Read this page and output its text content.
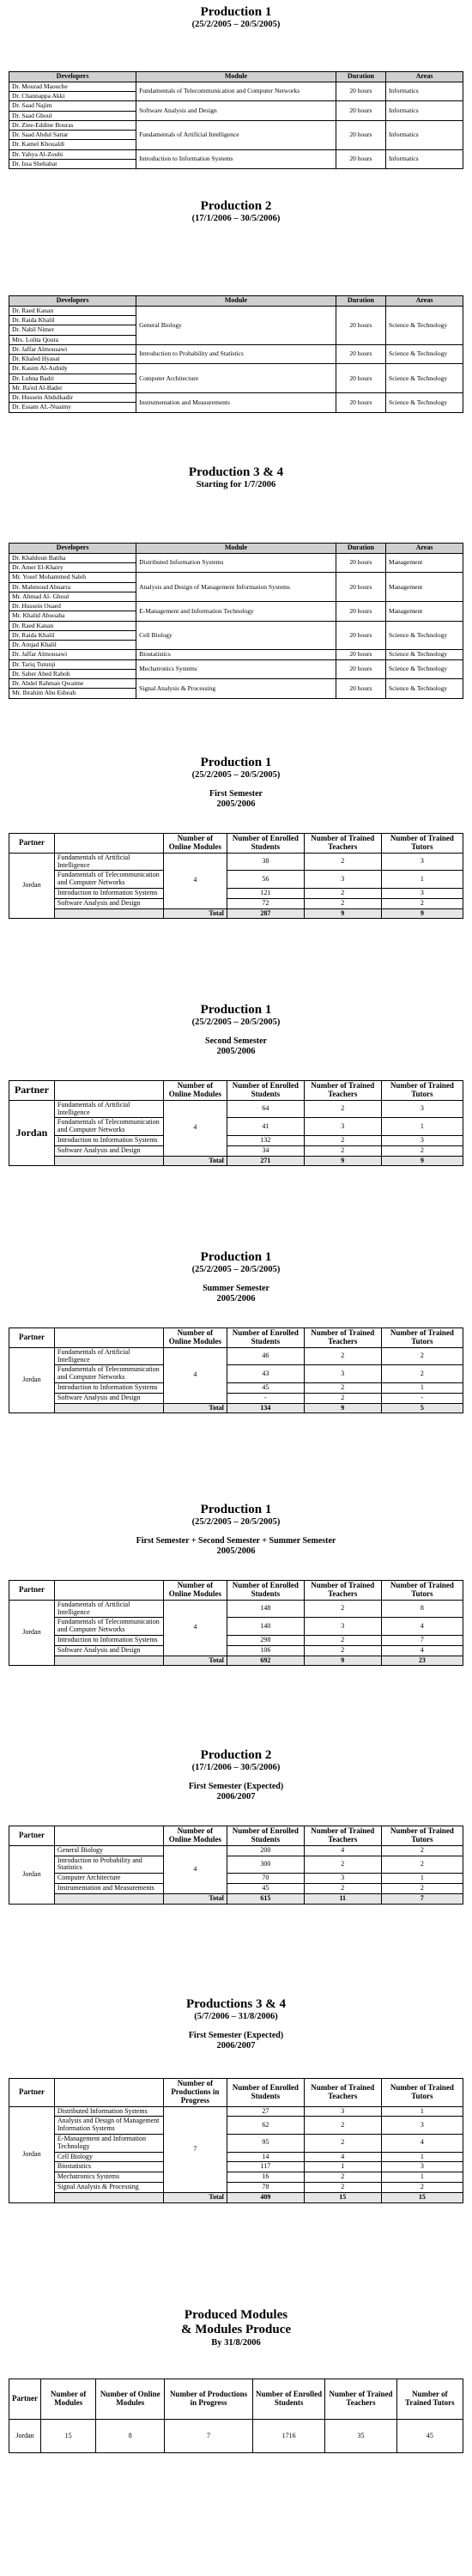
Production 1
(25/2/2005 – 20/5/2005)
Developers	Module	Duration	Areas
Dr. Mourad Maouche	Fundamentals of Telecommunication and Computer Networks	20 hours	Informatics
Dr. Channappa Akki			
Dr. Saad Najim	Software Analysis and Design	20 hours	Informatics
Dr. Saad Ghoul			
Dr. Ziee-Eddine Bouras	Fundamentals of Artificial Intelligence	20 hours	Informatics
Dr. Saad Abdul Sattar			
Dr. Kamel Khoualdi			
Dr. Yahya Al-Zoubi	Introduction to Information Systems	20 hours	Informatics
Dr. Issa Shehabat			
Production 2
(17/1/2006 – 30/5/2006)
Developers	Module	Duration	Areas
Dr. Raed Kanan	General Biology	20 hours	Science & Technology
Dr. Raida Khalil			
Dr. Nabil Nimer			
Mrs. Lolita Qouta			
Dr. Jaffar Almousawi	Introduction to Probability and Statistics	20 hours	Science & Technology
Dr. Khaled Hyasat			
Dr. Kasim Al-Aubidy	Computer Architecture	20 hours	Science & Technology
Dr. Lubna Badri			
Mr. Ra'ed Al-Bader			
Dr. Hussein Abdulkadir	Instrumentation and Measurements	20 hours	Science & Technology
Dr. Essam AL-Nuaimy			
Production 3 & 4
Starting for 1/7/2006
Developers	Module	Duration	Areas
Dr. Khaldoun Batiha	Distributed Information Systems	20 hours	Management
Dr. Amer El-Khairy			
Mr. Yosef Mohammed Saleh	Analysis and Design of Management Information Systems	20 hours	Management
Dr. Mahmoud Abuarra			
Mr. Ahmad Al- Ghoul			
Dr. Hussein Ouaed	E-Management and Information Technology	20 hours	Management
Mr. Khalid Abuoaba			
Dr. Raed Kanan	Cell Biology	20 hours	Science & Technology
Dr. Raida Khalil			
Dr. Amjad Khalil			
Dr. Jaffar Almousawi	Biostatistics	20 hours	Science & Technology
Dr. Tariq Tutunji	Mechatronics Systems	20 hours	Science & Technology
Dr. Saber Abed Raboh			
Dr. Abdel Rahman Qwaime	Signal Analysis & Processing	20 hours	Science & Technology
Mr. Ibrahim Abu Esbeah			
Production 1
(25/2/2005 – 20/5/2005)
First Semester
2005/2006
Partner		Number of Online Modules	Number of Enrolled Students	Number of Trained Teachers	Number of Trained Tutors
Jordan	Fundamentals of Artificial Intelligence	4	38	2	3
	Fundamentals of Telecommunication and Computer Networks		56	3	1
	Introduction to Information Systems		121	2	3
	Software Analysis and Design		72	2	2
		Total	287	9	9
Production 1
(25/2/2005 – 20/5/2005)
Second Semester
2005/2006
Partner		Number of Online Modules	Number of Enrolled Students	Number of Trained Teachers	Number of Trained Tutors
Jordan	Fundamentals of Artificial Intelligence	4	64	2	3
	Fundamentals of Telecommunication and Computer Networks		41	3	1
	Introduction to Information Systems		132	2	3
	Software Analysis and Design		34	2	2
		Total	271	9	9
Production 1
(25/2/2005 – 20/5/2005)
Summer Semester
2005/2006
Partner		Number of Online Modules	Number of Enrolled Students	Number of Trained Teachers	Number of Trained Tutors
Jordan	Fundamentals of Artificial Intelligence	4	46	2	2
	Fundamentals of Telecommunication and Computer Networks		43	3	2
	Introduction to Information Systems		45	2	1
	Software Analysis and Design		-	2	-
		Total	134	9	5
Production 1
(25/2/2005 – 20/5/2005)
First Semester + Second Semester + Summer Semester
2005/2006
Partner		Number of Online Modules	Number of Enrolled Students	Number of Trained Teachers	Number of Trained Tutors
Jordan	Fundamentals of Artificial Intelligence	4	148	2	8
	Fundamentals of Telecommunication and Computer Networks		140	3	4
	Introduction to Information Systems		298	2	7
	Software Analysis and Design		106	2	4
		Total	692	9	23
Production 2
(17/1/2006 – 30/5/2006)
First Semester (Expected)
2006/2007
Partner		Number of Online Modules	Number of Enrolled Students	Number of Trained Teachers	Number of Trained Tutors
Jordan	General Biology	4	200	4	2
	Introduction to Probability and Statistics		300	2	2
	Computer Architecture		70	3	1
	Instrumentation and Measurements		45	2	2
		Total	615	11	7
Productions 3 & 4
(5/7/2006 – 31/8/2006)
First Semester (Expected)
2006/2007
Partner		Number of Productions in Progress	Number of Enrolled Students	Number of Trained Teachers	Number of Trained Tutors
Jordan	Distributed Information Systems	7	27	3	1
	Analysis and Design of Management Information Systems		62	2	3
	E-Management and Information Technology		95	2	4
	Cell Biology		14	4	1
	Biostatistics		117	1	3
	Mechatronics Systems		16	2	1
	Signal Analysis & Processing		78	2	2
		Total	409	15	15
Produced Modules
& Modules Produce
By 31/8/2006
Partner	Number of Modules	Number of Online Modules	Number of Productions in Progress	Number of Enrolled Students	Number of Trained Teachers	Number of Trained Tutors
Jordan	15	8	7	1716	35	45
